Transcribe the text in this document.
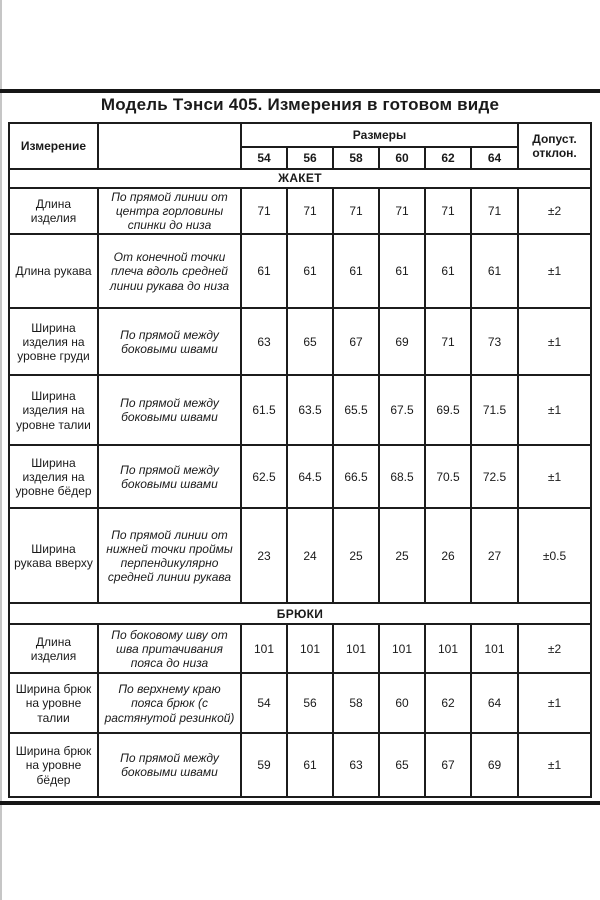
Модель Тэнси 405. Измерения в готовом виде
Измерение		Размеры						Допуст.
отклон.

		54	56	58	60	62	64	
ЖАКЕТ								
Длина изделия	По прямой линии от центра горловины спинки до низа	71	71	71	71	71	71	±2
Длина рукава	От конечной точки плеча вдоль средней линии рукава до низа	61	61	61	61	61	61	±1
Ширина изделия на уровне груди	По прямой между боковыми швами	63	65	67	69	71	73	±1
Ширина изделия на уровне талии	По прямой между боковыми швами	61.5	63.5	65.5	67.5	69.5	71.5	±1
Ширина изделия на уровне бёдер	По прямой между боковыми швами	62.5	64.5	66.5	68.5	70.5	72.5	±1
Ширина рукава вверху	По прямой линии от нижней точки проймы перпендикулярно средней линии рукава	23	24	25	25	26	27	±0.5
БРЮКИ								
Длина изделия	По боковому шву от шва притачивания пояса до низа	101	101	101	101	101	101	±2
Ширина брюк на уровне талии	По верхнему краю пояса брюк (с растянутой резинкой)	54	56	58	60	62	64	±1
Ширина брюк на уровне бёдер	По прямой между боковыми швами	59	61	63	65	67	69	±1
